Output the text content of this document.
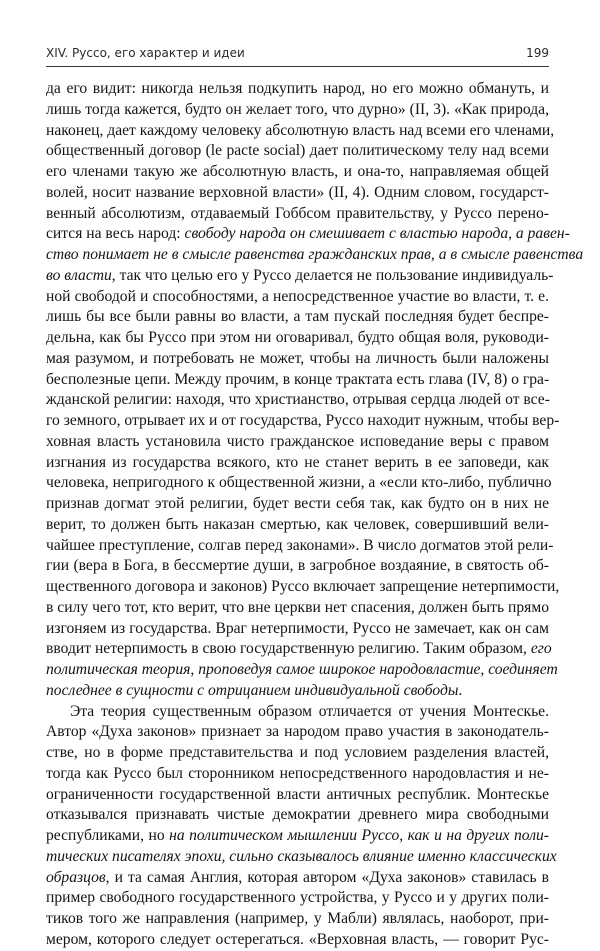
XIV. Руссо, его характер и идеи	199
да его видит: никогда нельзя подкупить народ, но его можно обмануть, и
лишь тогда кажется, будто он желает того, что дурно» (II, 3). «Как природа,
наконец, дает каждому человеку абсолютную власть над всеми его членами,
общественный договор (le pacte social) дает политическому телу над всеми
его членами такую же абсолютную власть, и она-то, направляемая общей
волей, носит название верховной власти» (II, 4). Одним словом, государст-
венный абсолютизм, отдаваемый Гоббсом правительству, у Руссо перено-
сится на весь народ: свободу народа он смешивает с властью народа, а равен-
ство понимает не в смысле равенства гражданских прав, а в смысле равенства
во власти, так что целью его у Руссо делается не пользование индивидуаль-
ной свободой и способностями, а непосредственное участие во власти, т. е.
лишь бы все были равны во власти, а там пускай последняя будет беспре-
дельна, как бы Руссо при этом ни оговаривал, будто общая воля, руководи-
мая разумом, и потребовать не может, чтобы на личность были наложены
бесполезные цепи. Между прочим, в конце трактата есть глава (IV, 8) о гра-
жданской религии: находя, что христианство, отрывая сердца людей от все-
го земного, отрывает их и от государства, Руссо находит нужным, чтобы вер-
ховная власть установила чисто гражданское исповедание веры с правом
изгнания из государства всякого, кто не станет верить в ее заповеди, как
человека, непригодного к общественной жизни, а «если кто-либо, публично
признав догмат этой религии, будет вести себя так, как будто он в них не
верит, то должен быть наказан смертью, как человек, совершивший вели-
чайшее преступление, солгав перед законами». В число догматов этой рели-
гии (вера в Бога, в бессмертие души, в загробное воздаяние, в святость об-
щественного договора и законов) Руссо включает запрещение нетерпимости,
в силу чего тот, кто верит, что вне церкви нет спасения, должен быть прямо
изгоняем из государства. Враг нетерпимости, Руссо не замечает, как он сам
вводит нетерпимость в свою государственную религию. Таким образом, его
политическая теория, проповедуя самое широкое народовластие, соединяет
последнее в сущности с отрицанием индивидуальной свободы.
Эта теория существенным образом отличается от учения Монтескье.
Автор «Духа законов» признает за народом право участия в законодатель-
стве, но в форме представительства и под условием разделения властей,
тогда как Руссо был сторонником непосредственного народовластия и не-
ограниченности государственной власти античных республик. Монтескье
отказывался признавать чистые демократии древнего мира свободными
республиками, но на политическом мышлении Руссо, как и на других поли-
тических писателях эпохи, сильно сказывалось влияние именно классических
образцов, и та самая Англия, которая автором «Духа законов» ставилась в
пример свободного государственного устройства, у Руссо и у других поли-
тиков того же направления (например, у Мабли) являлась, наоборот, при-
мером, которого следует остерегаться. «Верховная власть, — говорит Рус-
